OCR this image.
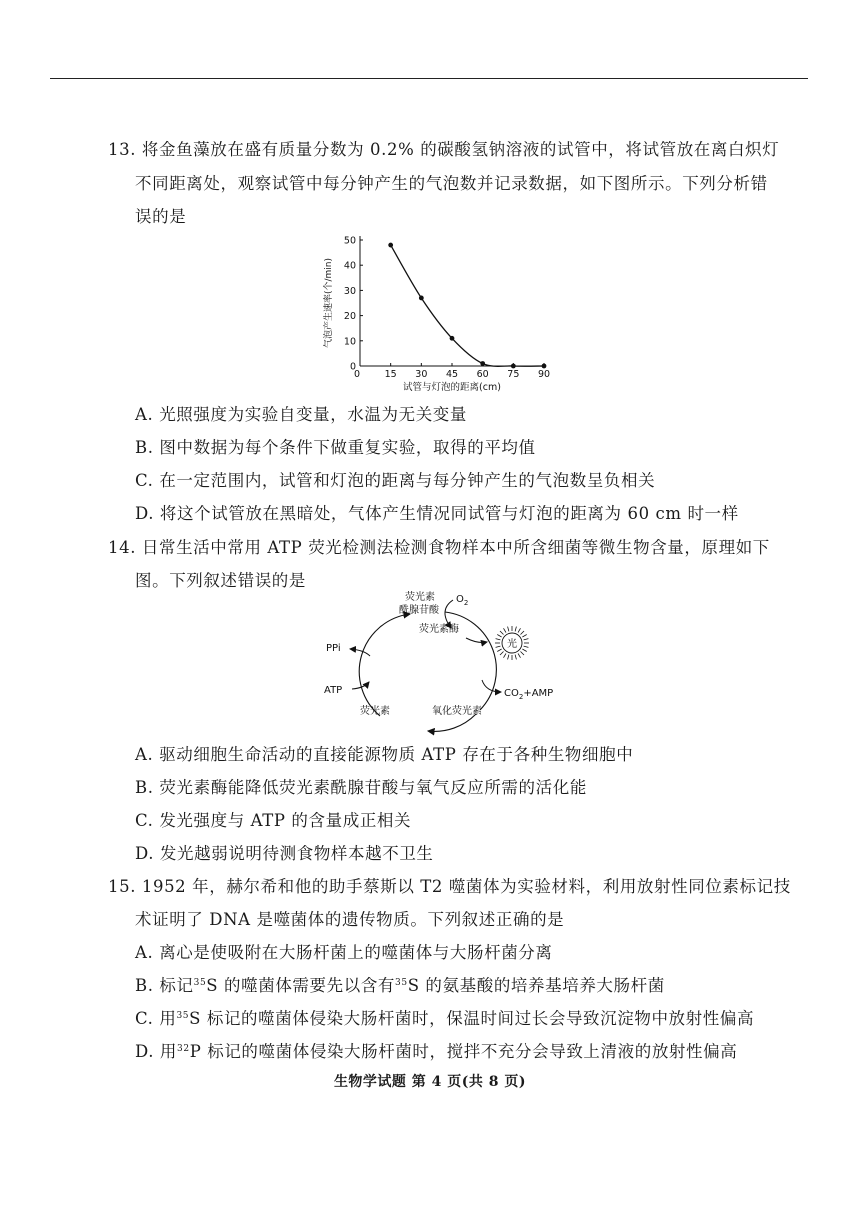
13. 将金鱼藻放在盛有质量分数为 0.2% 的碳酸氢钠溶液的试管中，将试管放在离白炽灯
不同距离处，观察试管中每分钟产生的气泡数并记录数据，如下图所示。下列分析错
误的是
0
10
20
30
40
50
0	15 30 45 60 75 90
气泡产生速率(个/min)
试管与灯泡的距离(cm)
A. 光照强度为实验自变量，水温为无关变量
B. 图中数据为每个条件下做重复实验，取得的平均值
C. 在一定范围内，试管和灯泡的距离与每分钟产生的气泡数呈负相关
D. 将这个试管放在黑暗处，气体产生情况同试管与灯泡的距离为 60 cm 时一样
14. 日常生活中常用 ATP 荧光检测法检测食物样本中所含细菌等微生物含量，原理如下
图。下列叙述错误的是
光
荧光素
酰腺苷酸
$O_2$
荧光素酶
PPi
ATP	$CO_2+AMP$
荧光素	氧化荧光素
A. 驱动细胞生命活动的直接能源物质 ATP 存在于各种生物细胞中
B. 荧光素酶能降低荧光素酰腺苷酸与氧气反应所需的活化能
C. 发光强度与 ATP 的含量成正相关
D. 发光越弱说明待测食物样本越不卫生
15. 1952 年，赫尔希和他的助手蔡斯以 T2 噬菌体为实验材料，利用放射性同位素标记技
术证明了 DNA 是噬菌体的遗传物质。下列叙述正确的是
A. 离心是使吸附在大肠杆菌上的噬菌体与大肠杆菌分离
B. 标记$^{35}$S 的噬菌体需要先以含有$^{35}$S 的氨基酸的培养基培养大肠杆菌
C. 用$^{35}$S 标记的噬菌体侵染大肠杆菌时，保温时间过长会导致沉淀物中放射性偏高
D. 用$^{32}$P 标记的噬菌体侵染大肠杆菌时，搅拌不充分会导致上清液的放射性偏高
生物学试题 第 4 页(共 8 页)
